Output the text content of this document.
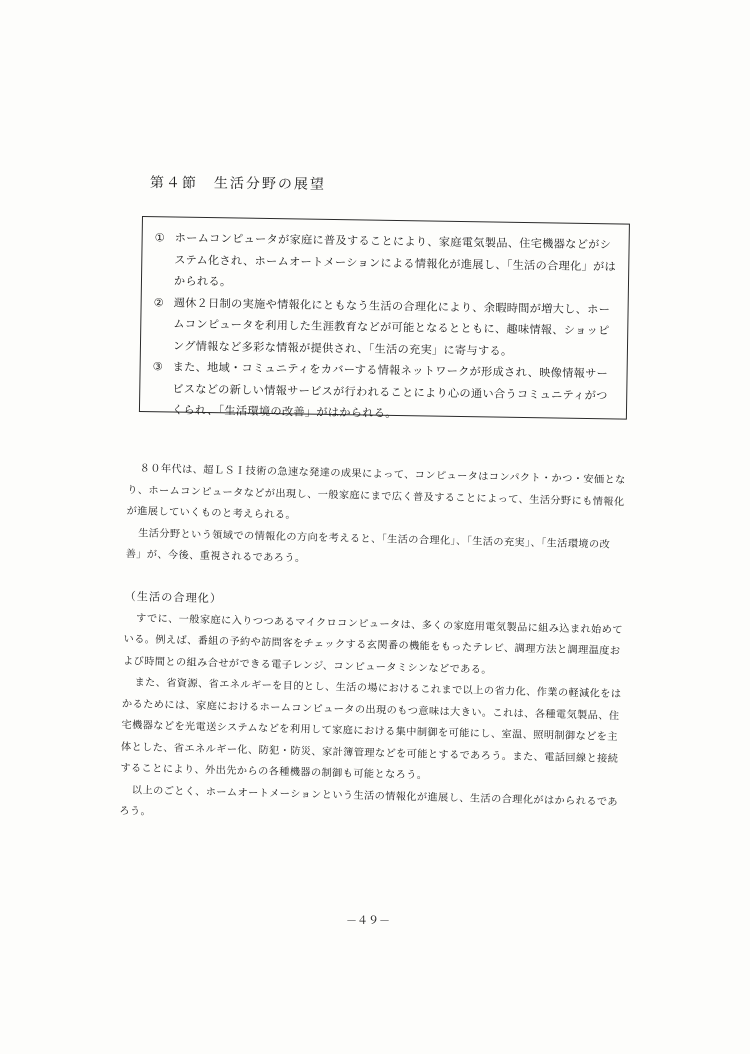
第４節　生活分野の展望
① ホームコンピュータが家庭に普及することにより、家庭電気製品、住宅機器などがシステム化され、ホームオートメーションによる情報化が進展し、「生活の合理化」がはかられる。
② 週休２日制の実施や情報化にともなう生活の合理化により、余暇時間が増大し、ホームコンピュータを利用した生涯教育などが可能となるとともに、趣味情報、ショッピング情報など多彩な情報が提供され、「生活の充実」に寄与する。
③ また、地域・コミュニティをカバーする情報ネットワークが形成され、映像情報サービスなどの新しい情報サービスが行われることにより心の通い合うコミュニティがつくられ、「生活環境の改善」がはかられる。

８０年代は、超ＬＳＩ技術の急速な発達の成果によって、コンピュータはコンパクト・かつ・安価となり、ホームコンピュータなどが出現し、一般家庭にまで広く普及することによって、生活分野にも情報化が進展していくものと考えられる。

生活分野という領域での情報化の方向を考えると、「生活の合理化」、「生活の充実」、「生活環境の改善」が、今後、重視されるであろう。

（生活の合理化）

すでに、一般家庭に入りつつあるマイクロコンピュータは、多くの家庭用電気製品に組み込まれ始めている。例えば、番組の予約や訪問客をチェックする玄関番の機能をもったテレビ、調理方法と調理温度および時間との組み合せができる電子レンジ、コンピュータミシンなどである。

また、省資源、省エネルギーを目的とし、生活の場におけるこれまで以上の省力化、作業の軽減化をはかるためには、家庭におけるホームコンピュータの出現のもつ意味は大きい。これは、各種電気製品、住宅機器などを光電送システムなどを利用して家庭における集中制御を可能にし、室温、照明制御などを主体とした、省エネルギー化、防犯・防災、家計簿管理などを可能とするであろう。また、電話回線と接続することにより、外出先からの各種機器の制御も可能となろう。

以上のごとく、ホームオートメーションという生活の情報化が進展し、生活の合理化がはかられるであろう。

－４９－
